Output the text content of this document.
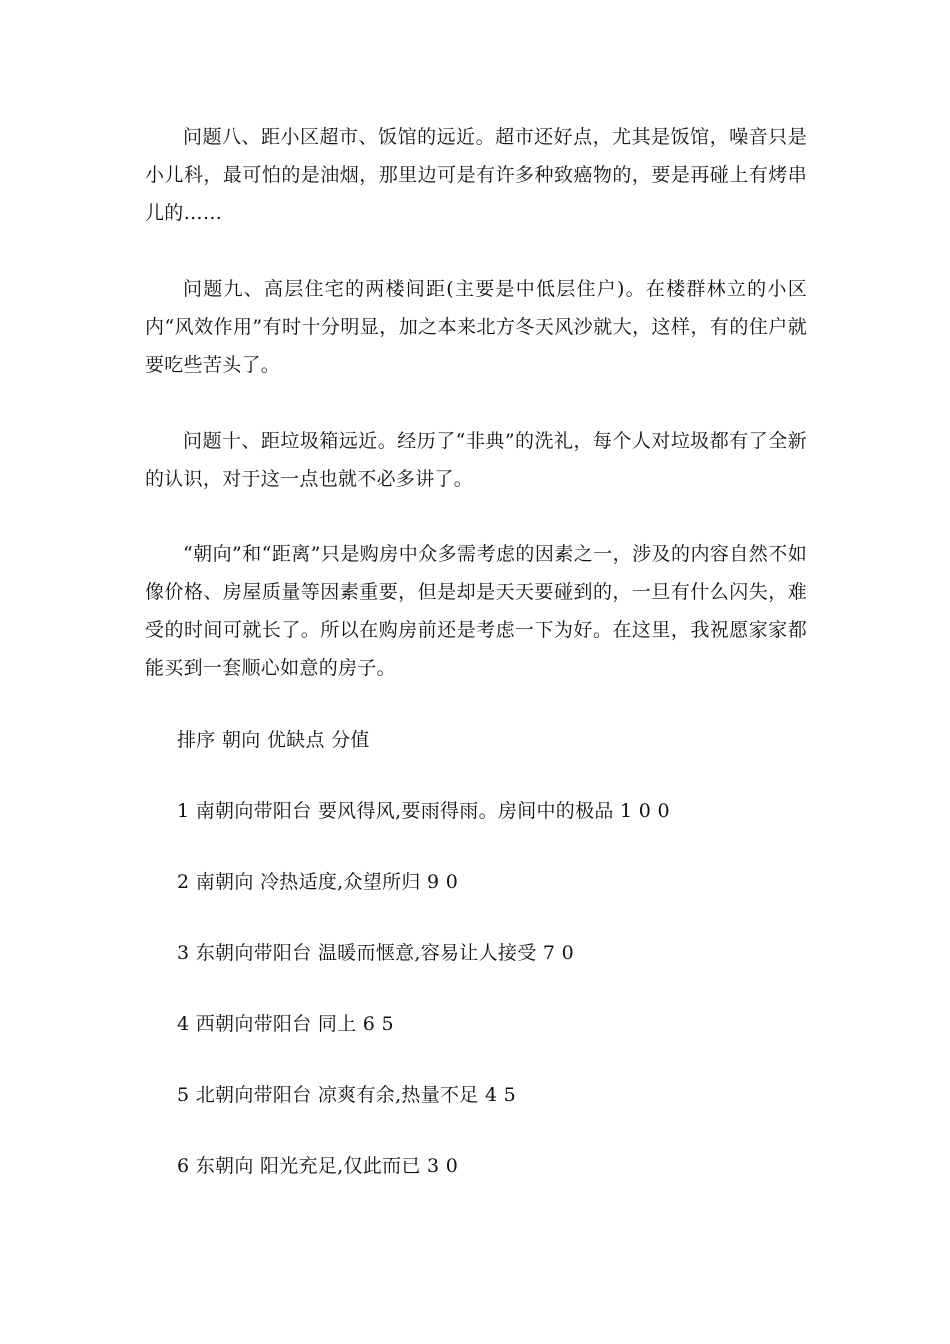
问题八、距小区超市、饭馆的远近。超市还好点，尤其是饭馆，噪音只是小儿科，最可怕的是油烟，那里边可是有许多种致癌物的，要是再碰上有烤串儿的……

问题九、高层住宅的两楼间距(主要是中低层住户)。在楼群林立的小区内“风效作用”有时十分明显，加之本来北方冬天风沙就大，这样，有的住户就要吃些苦头了。

问题十、距垃圾箱远近。经历了“非典”的洗礼，每个人对垃圾都有了全新的认识，对于这一点也就不必多讲了。

“朝向”和“距离”只是购房中众多需考虑的因素之一，涉及的内容自然不如像价格、房屋质量等因素重要，但是却是天天要碰到的，一旦有什么闪失，难受的时间可就长了。所以在购房前还是考虑一下为好。在这里，我祝愿家家都能买到一套顺心如意的房子。

排序 朝向 优缺点 分值

1 南朝向带阳台 要风得风,要雨得雨。房间中的极品 1 0 0

2 南朝向 冷热适度,众望所归 9 0

3 东朝向带阳台 温暖而惬意,容易让人接受 7 0

4 西朝向带阳台 同上 6 5

5 北朝向带阳台 凉爽有余,热量不足 4 5

6 东朝向 阳光充足,仅此而已 3 0
